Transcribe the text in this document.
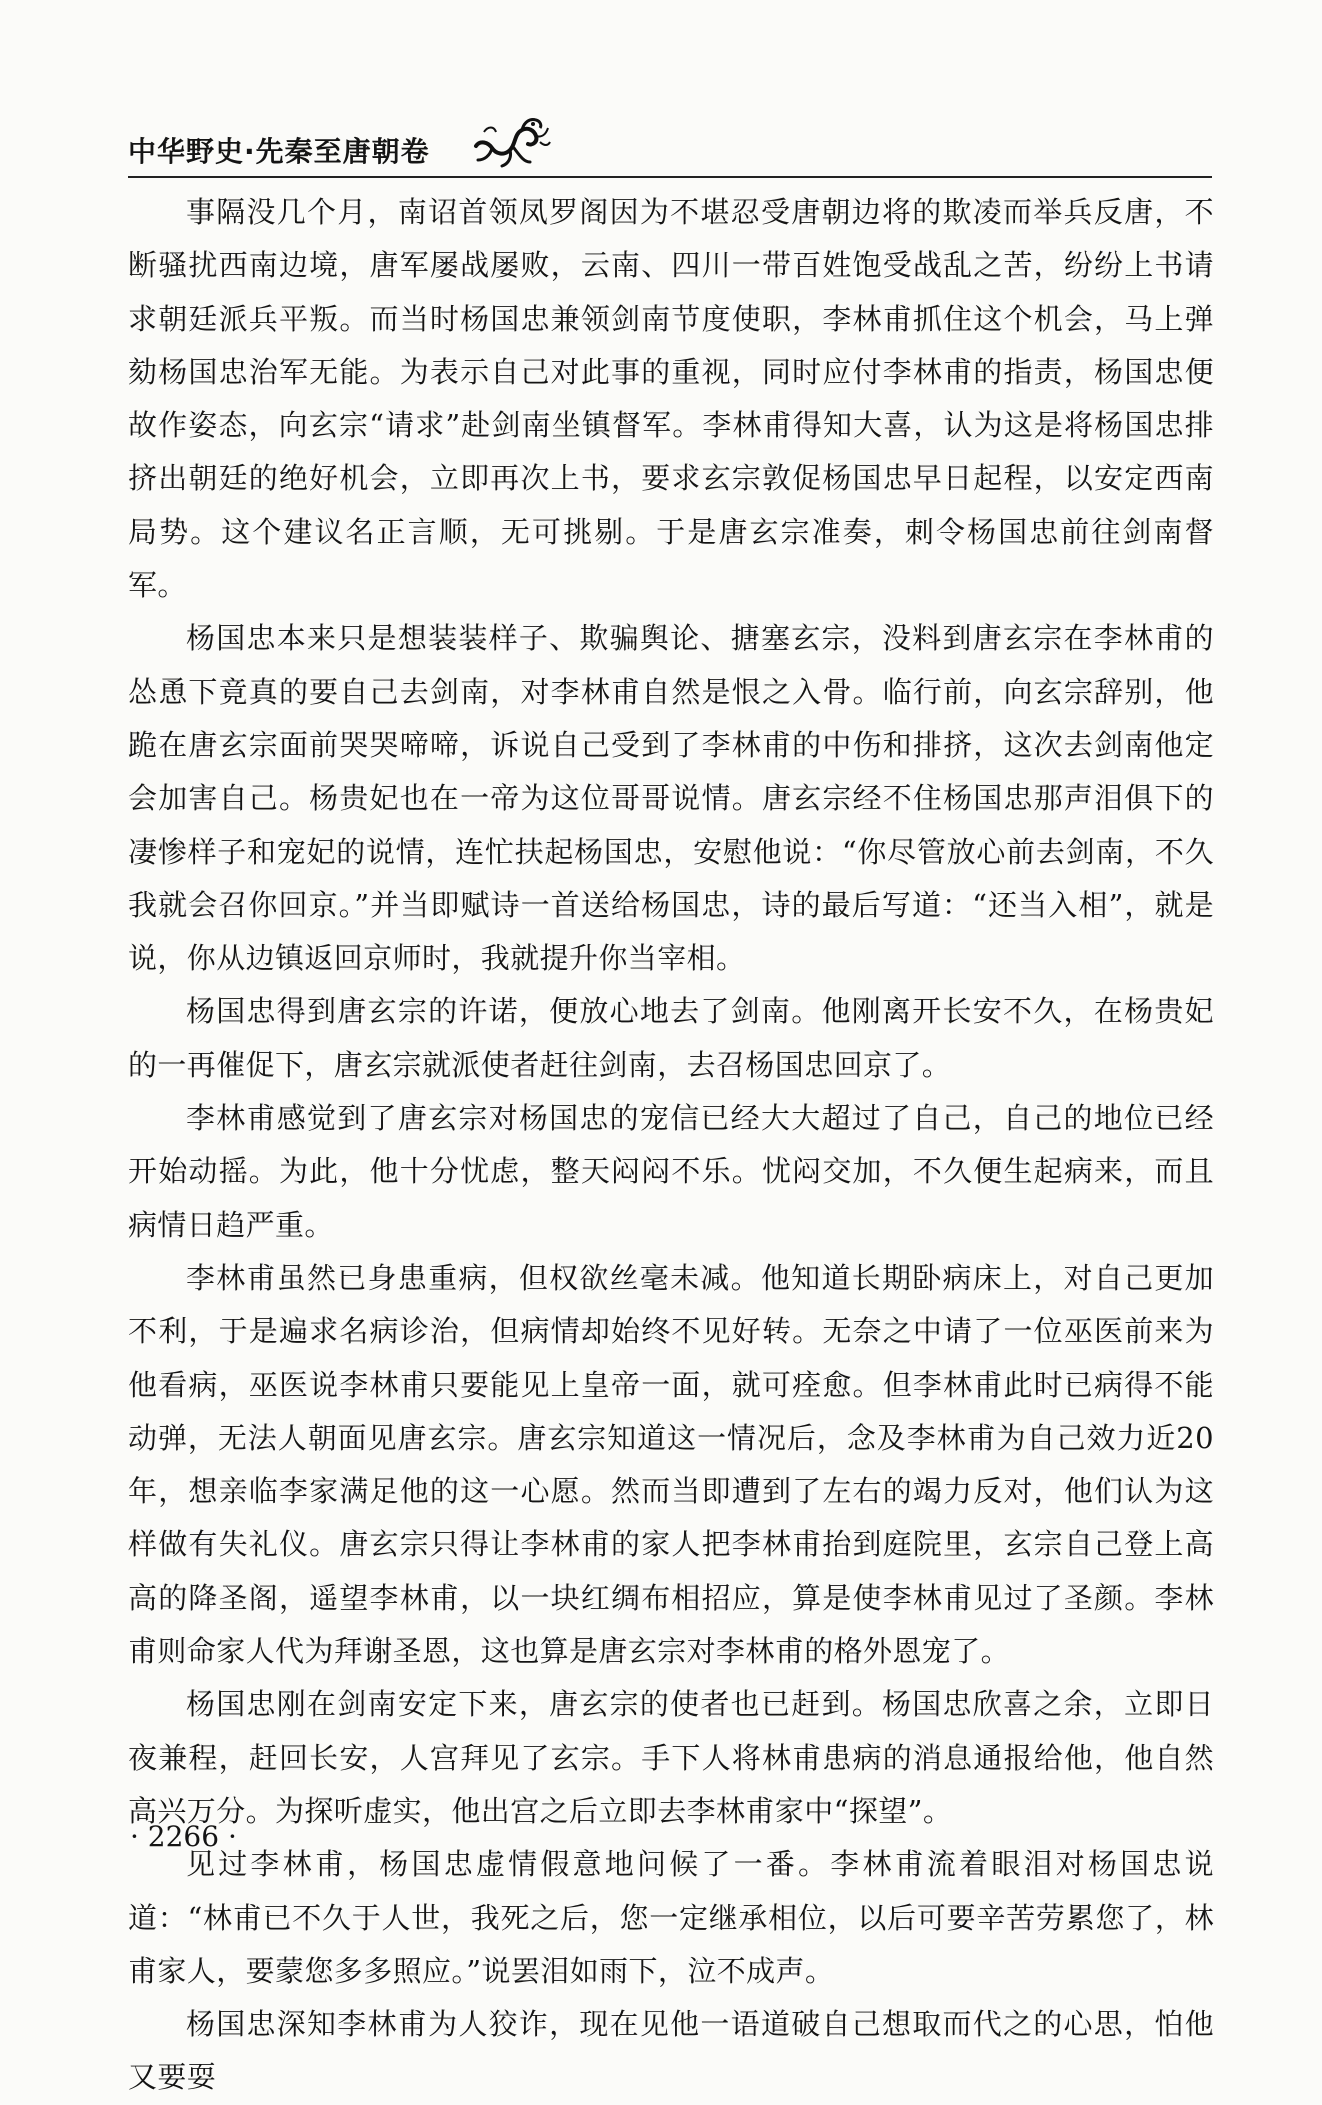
中华野史·先秦至唐朝卷

事隔没几个月，南诏首领凤罗阁因为不堪忍受唐朝边将的欺凌而举兵反唐，不断骚扰西南边境，唐军屡战屡败，云南、四川一带百姓饱受战乱之苦，纷纷上书请求朝廷派兵平叛。而当时杨国忠兼领剑南节度使职，李林甫抓住这个机会，马上弹劾杨国忠治军无能。为表示自己对此事的重视，同时应付李林甫的指责，杨国忠便故作姿态，向玄宗“请求”赴剑南坐镇督军。李林甫得知大喜，认为这是将杨国忠排挤出朝廷的绝好机会，立即再次上书，要求玄宗敦促杨国忠早日起程，以安定西南局势。这个建议名正言顺，无可挑剔。于是唐玄宗准奏，刺令杨国忠前往剑南督军。

杨国忠本来只是想装装样子、欺骗舆论、搪塞玄宗，没料到唐玄宗在李林甫的怂恿下竟真的要自己去剑南，对李林甫自然是恨之入骨。临行前，向玄宗辞别，他跪在唐玄宗面前哭哭啼啼，诉说自己受到了李林甫的中伤和排挤，这次去剑南他定会加害自己。杨贵妃也在一帝为这位哥哥说情。唐玄宗经不住杨国忠那声泪俱下的凄惨样子和宠妃的说情，连忙扶起杨国忠，安慰他说：“你尽管放心前去剑南，不久我就会召你回京。”并当即赋诗一首送给杨国忠，诗的最后写道：“还当入相”，就是说，你从边镇返回京师时，我就提升你当宰相。

杨国忠得到唐玄宗的许诺，便放心地去了剑南。他刚离开长安不久，在杨贵妃的一再催促下，唐玄宗就派使者赶往剑南，去召杨国忠回京了。

李林甫感觉到了唐玄宗对杨国忠的宠信已经大大超过了自己，自己的地位已经开始动摇。为此，他十分忧虑，整天闷闷不乐。忧闷交加，不久便生起病来，而且病情日趋严重。

李林甫虽然已身患重病，但权欲丝毫未减。他知道长期卧病床上，对自己更加不利，于是遍求名病诊治，但病情却始终不见好转。无奈之中请了一位巫医前来为他看病，巫医说李林甫只要能见上皇帝一面，就可痊愈。但李林甫此时已病得不能动弹，无法人朝面见唐玄宗。唐玄宗知道这一情况后，念及李林甫为自己效力近20年，想亲临李家满足他的这一心愿。然而当即遭到了左右的竭力反对，他们认为这样做有失礼仪。唐玄宗只得让李林甫的家人把李林甫抬到庭院里，玄宗自己登上高高的降圣阁，遥望李林甫，以一块红绸布相招应，算是使李林甫见过了圣颜。李林甫则命家人代为拜谢圣恩，这也算是唐玄宗对李林甫的格外恩宠了。

杨国忠刚在剑南安定下来，唐玄宗的使者也已赶到。杨国忠欣喜之余，立即日夜兼程，赶回长安，人宫拜见了玄宗。手下人将林甫患病的消息通报给他，他自然高兴万分。为探听虚实，他出宫之后立即去李林甫家中“探望”。

见过李林甫，杨国忠虚情假意地问候了一番。李林甫流着眼泪对杨国忠说道：“林甫已不久于人世，我死之后，您一定继承相位，以后可要辛苦劳累您了，林甫家人，要蒙您多多照应。”说罢泪如雨下，泣不成声。

杨国忠深知李林甫为人狡诈，现在见他一语道破自己想取而代之的心思，怕他又要耍

· 2266 ·
